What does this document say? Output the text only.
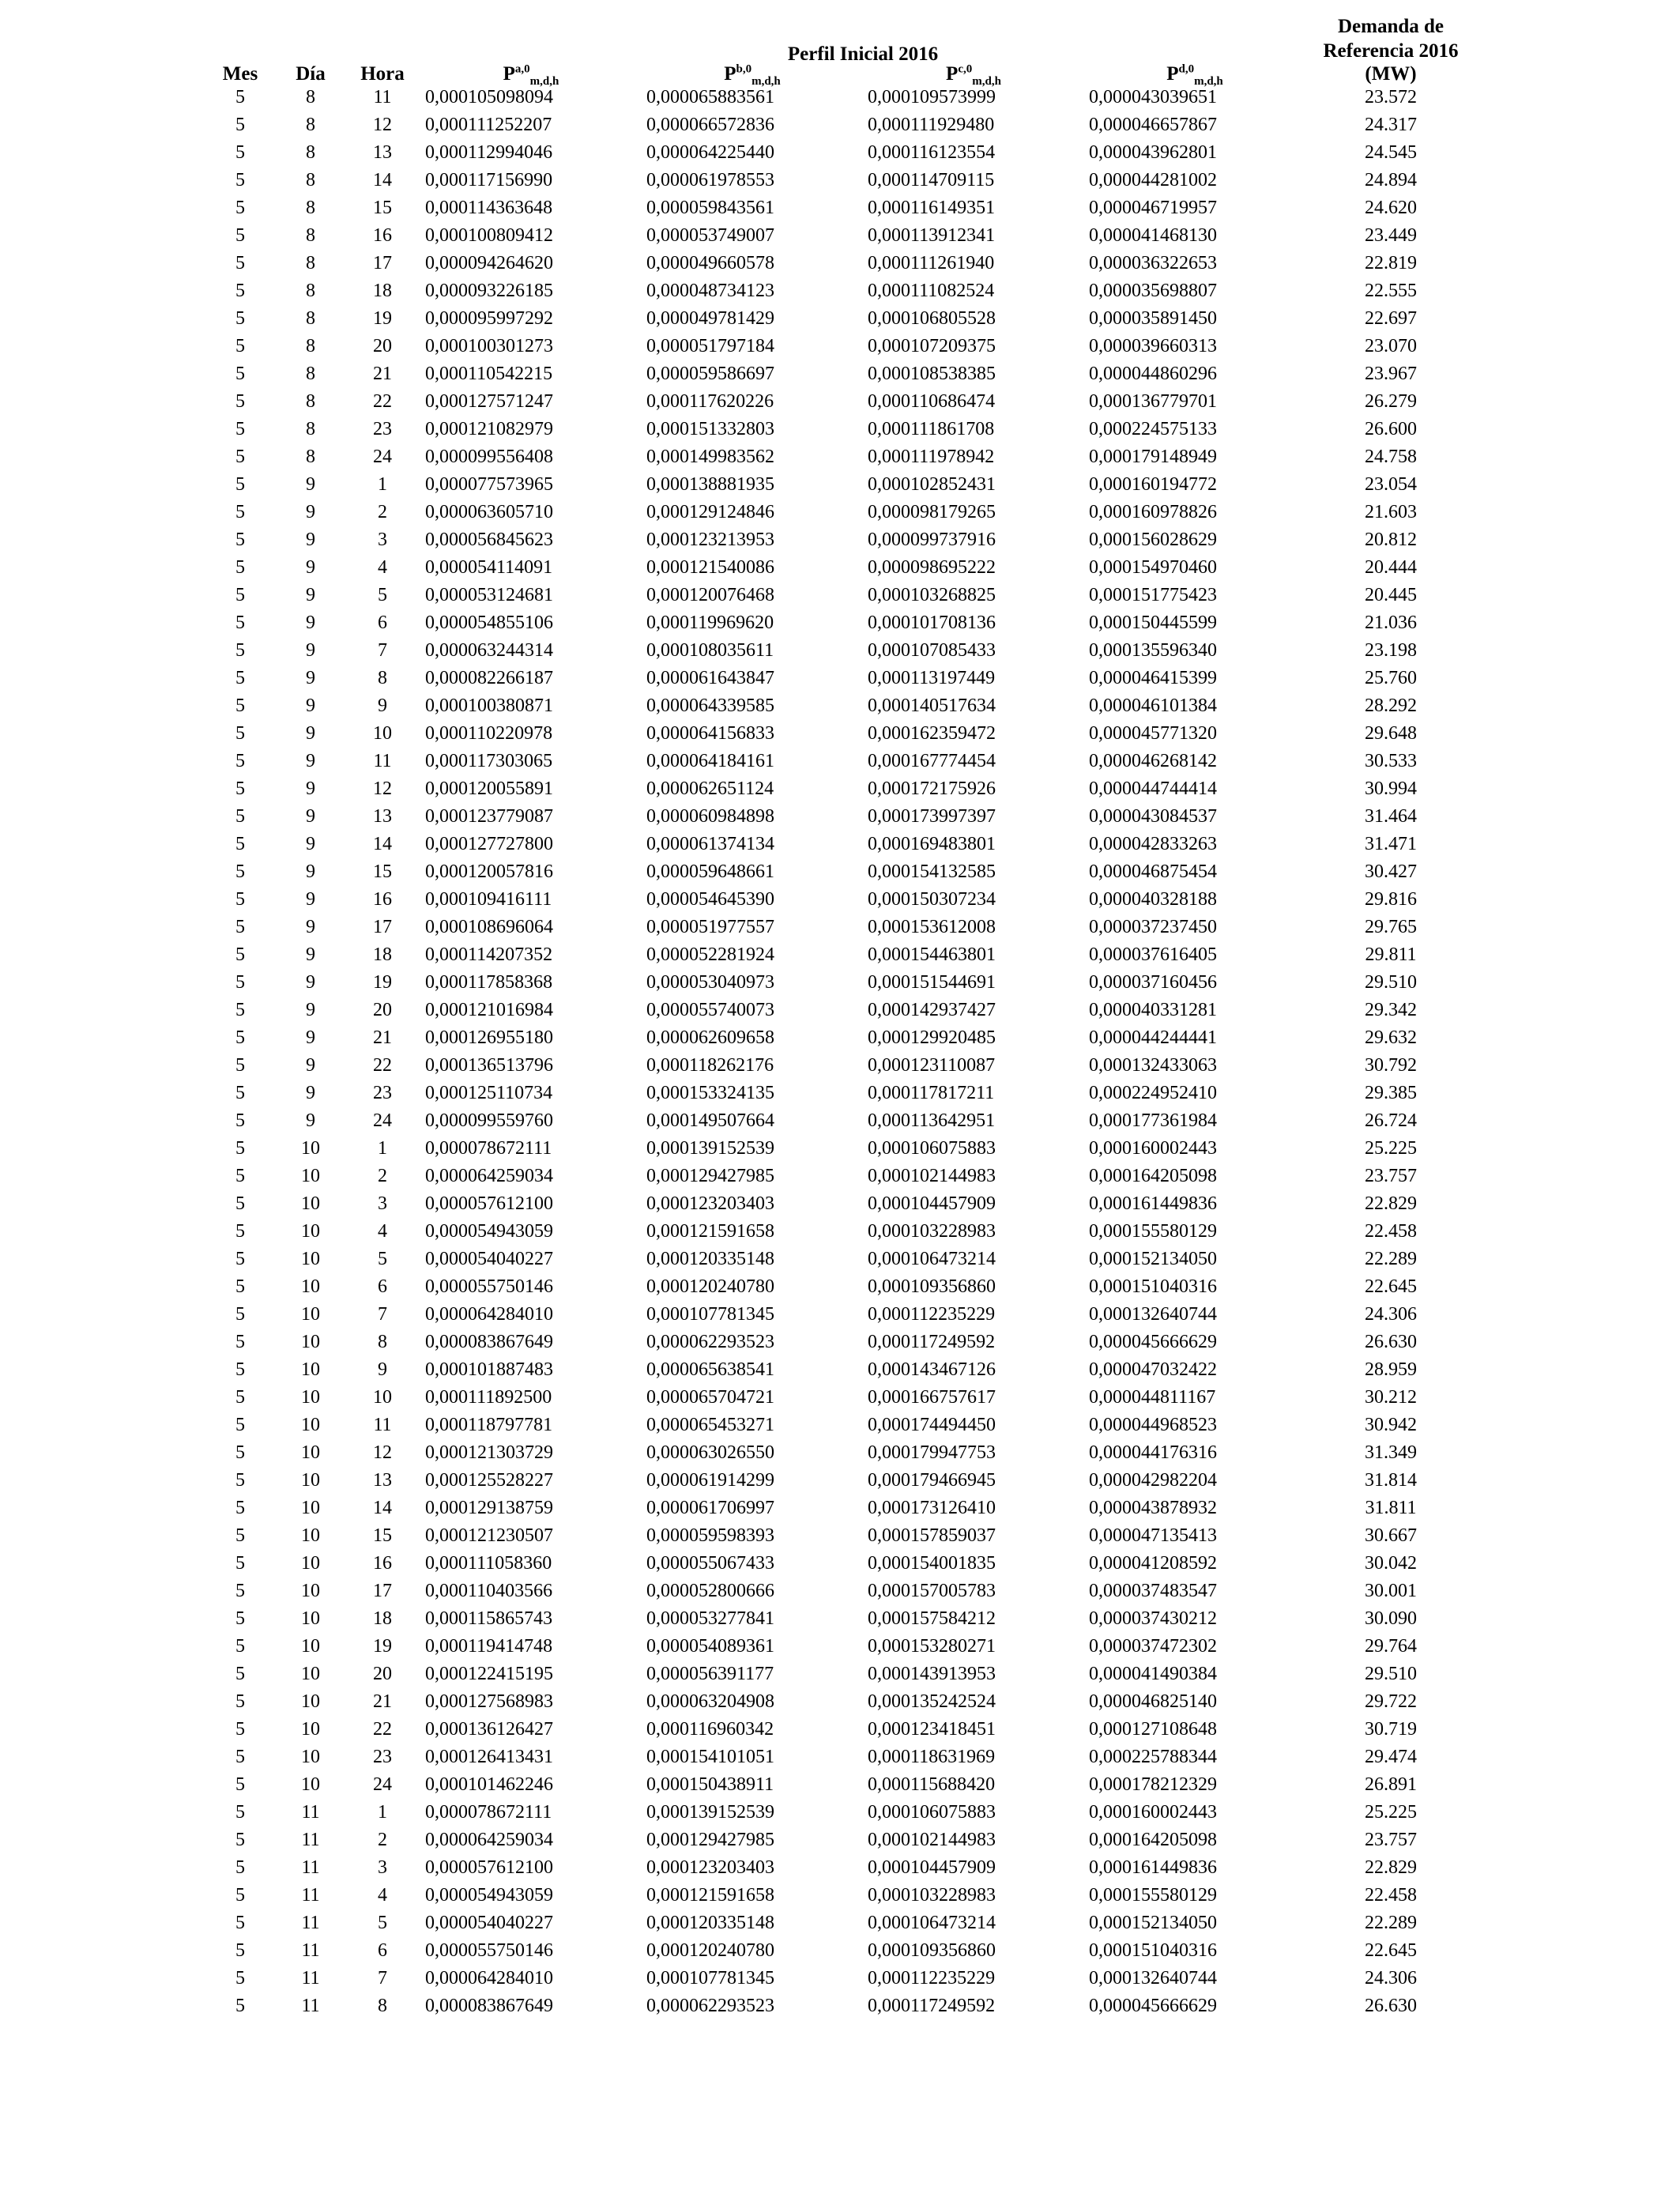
			Perfil Inicial 2016				Demanda de
Referencia 2016

Mes	Día	Hora	P$^{a,0}_{m,d,h}$	P$^{b,0}_{m,d,h}$	P$^{c,0}_{m,d,h}$	P$^{d,0}_{m,d,h}$	(MW)
5	8	11	0,000105098094	0,000065883561	0,000109573999	0,000043039651	23.572
5	8	12	0,000111252207	0,000066572836	0,000111929480	0,000046657867	24.317
5	8	13	0,000112994046	0,000064225440	0,000116123554	0,000043962801	24.545
5	8	14	0,000117156990	0,000061978553	0,000114709115	0,000044281002	24.894
5	8	15	0,000114363648	0,000059843561	0,000116149351	0,000046719957	24.620
5	8	16	0,000100809412	0,000053749007	0,000113912341	0,000041468130	23.449
5	8	17	0,000094264620	0,000049660578	0,000111261940	0,000036322653	22.819
5	8	18	0,000093226185	0,000048734123	0,000111082524	0,000035698807	22.555
5	8	19	0,000095997292	0,000049781429	0,000106805528	0,000035891450	22.697
5	8	20	0,000100301273	0,000051797184	0,000107209375	0,000039660313	23.070
5	8	21	0,000110542215	0,000059586697	0,000108538385	0,000044860296	23.967
5	8	22	0,000127571247	0,000117620226	0,000110686474	0,000136779701	26.279
5	8	23	0,000121082979	0,000151332803	0,000111861708	0,000224575133	26.600
5	8	24	0,000099556408	0,000149983562	0,000111978942	0,000179148949	24.758
5	9	1	0,000077573965	0,000138881935	0,000102852431	0,000160194772	23.054
5	9	2	0,000063605710	0,000129124846	0,000098179265	0,000160978826	21.603
5	9	3	0,000056845623	0,000123213953	0,000099737916	0,000156028629	20.812
5	9	4	0,000054114091	0,000121540086	0,000098695222	0,000154970460	20.444
5	9	5	0,000053124681	0,000120076468	0,000103268825	0,000151775423	20.445
5	9	6	0,000054855106	0,000119969620	0,000101708136	0,000150445599	21.036
5	9	7	0,000063244314	0,000108035611	0,000107085433	0,000135596340	23.198
5	9	8	0,000082266187	0,000061643847	0,000113197449	0,000046415399	25.760
5	9	9	0,000100380871	0,000064339585	0,000140517634	0,000046101384	28.292
5	9	10	0,000110220978	0,000064156833	0,000162359472	0,000045771320	29.648
5	9	11	0,000117303065	0,000064184161	0,000167774454	0,000046268142	30.533
5	9	12	0,000120055891	0,000062651124	0,000172175926	0,000044744414	30.994
5	9	13	0,000123779087	0,000060984898	0,000173997397	0,000043084537	31.464
5	9	14	0,000127727800	0,000061374134	0,000169483801	0,000042833263	31.471
5	9	15	0,000120057816	0,000059648661	0,000154132585	0,000046875454	30.427
5	9	16	0,000109416111	0,000054645390	0,000150307234	0,000040328188	29.816
5	9	17	0,000108696064	0,000051977557	0,000153612008	0,000037237450	29.765
5	9	18	0,000114207352	0,000052281924	0,000154463801	0,000037616405	29.811
5	9	19	0,000117858368	0,000053040973	0,000151544691	0,000037160456	29.510
5	9	20	0,000121016984	0,000055740073	0,000142937427	0,000040331281	29.342
5	9	21	0,000126955180	0,000062609658	0,000129920485	0,000044244441	29.632
5	9	22	0,000136513796	0,000118262176	0,000123110087	0,000132433063	30.792
5	9	23	0,000125110734	0,000153324135	0,000117817211	0,000224952410	29.385
5	9	24	0,000099559760	0,000149507664	0,000113642951	0,000177361984	26.724
5	10	1	0,000078672111	0,000139152539	0,000106075883	0,000160002443	25.225
5	10	2	0,000064259034	0,000129427985	0,000102144983	0,000164205098	23.757
5	10	3	0,000057612100	0,000123203403	0,000104457909	0,000161449836	22.829
5	10	4	0,000054943059	0,000121591658	0,000103228983	0,000155580129	22.458
5	10	5	0,000054040227	0,000120335148	0,000106473214	0,000152134050	22.289
5	10	6	0,000055750146	0,000120240780	0,000109356860	0,000151040316	22.645
5	10	7	0,000064284010	0,000107781345	0,000112235229	0,000132640744	24.306
5	10	8	0,000083867649	0,000062293523	0,000117249592	0,000045666629	26.630
5	10	9	0,000101887483	0,000065638541	0,000143467126	0,000047032422	28.959
5	10	10	0,000111892500	0,000065704721	0,000166757617	0,000044811167	30.212
5	10	11	0,000118797781	0,000065453271	0,000174494450	0,000044968523	30.942
5	10	12	0,000121303729	0,000063026550	0,000179947753	0,000044176316	31.349
5	10	13	0,000125528227	0,000061914299	0,000179466945	0,000042982204	31.814
5	10	14	0,000129138759	0,000061706997	0,000173126410	0,000043878932	31.811
5	10	15	0,000121230507	0,000059598393	0,000157859037	0,000047135413	30.667
5	10	16	0,000111058360	0,000055067433	0,000154001835	0,000041208592	30.042
5	10	17	0,000110403566	0,000052800666	0,000157005783	0,000037483547	30.001
5	10	18	0,000115865743	0,000053277841	0,000157584212	0,000037430212	30.090
5	10	19	0,000119414748	0,000054089361	0,000153280271	0,000037472302	29.764
5	10	20	0,000122415195	0,000056391177	0,000143913953	0,000041490384	29.510
5	10	21	0,000127568983	0,000063204908	0,000135242524	0,000046825140	29.722
5	10	22	0,000136126427	0,000116960342	0,000123418451	0,000127108648	30.719
5	10	23	0,000126413431	0,000154101051	0,000118631969	0,000225788344	29.474
5	10	24	0,000101462246	0,000150438911	0,000115688420	0,000178212329	26.891
5	11	1	0,000078672111	0,000139152539	0,000106075883	0,000160002443	25.225
5	11	2	0,000064259034	0,000129427985	0,000102144983	0,000164205098	23.757
5	11	3	0,000057612100	0,000123203403	0,000104457909	0,000161449836	22.829
5	11	4	0,000054943059	0,000121591658	0,000103228983	0,000155580129	22.458
5	11	5	0,000054040227	0,000120335148	0,000106473214	0,000152134050	22.289
5	11	6	0,000055750146	0,000120240780	0,000109356860	0,000151040316	22.645
5	11	7	0,000064284010	0,000107781345	0,000112235229	0,000132640744	24.306
5	11	8	0,000083867649	0,000062293523	0,000117249592	0,000045666629	26.630
